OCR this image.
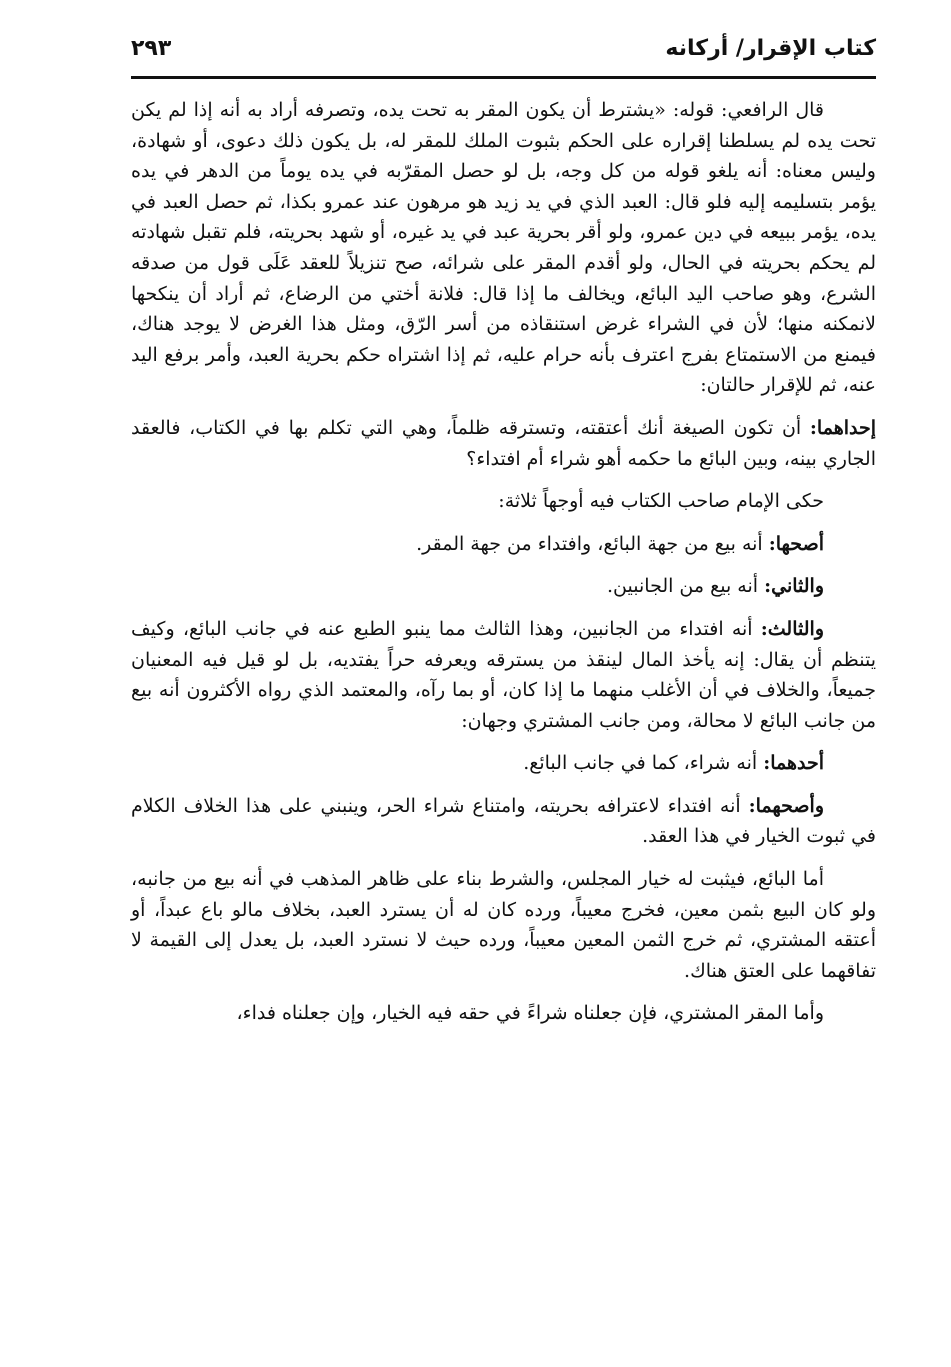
كتاب الإقرار/ أركانه
٢٩٣

قال الرافعي: قوله: «يشترط أن يكون المقر به تحت يده، وتصرفه أراد به أنه إذا لم يكن تحت يده لم يسلطنا إقراره على الحكم بثبوت الملك للمقر له، بل يكون ذلك دعوى، أو شهادة، وليس معناه: أنه يلغو قوله من كل وجه، بل لو حصل المقرّبه في يده يوماً من الدهر في يده يؤمر بتسليمه إليه فلو قال: العبد الذي في يد زيد هو مرهون عند عمرو بكذا، ثم حصل العبد في يده، يؤمر ببيعه في دين عمرو، ولو أقر بحرية عبد في يد غيره، أو شهد بحريته، فلم تقبل شهادته لم يحكم بحريته في الحال، ولو أقدم المقر على شرائه، صح تنزيلاً للعقد عَلَى قول من صدقه الشرع، وهو صاحب اليد البائع، ويخالف ما إذا قال: فلانة أختي من الرضاع، ثم أراد أن ينكحها لانمكنه منها؛ لأن في الشراء غرض استنقاذه من أسر الرّق، ومثل هذا الغرض لا يوجد هناك، فيمنع من الاستمتاع بفرج اعترف بأنه حرام عليه، ثم إذا اشتراه حكم بحرية العبد، وأمر برفع اليد عنه، ثم للإقرار حالتان:

إحداهما: أن تكون الصيغة أنك أعتقته، وتسترقه ظلماً، وهي التي تكلم بها في الكتاب، فالعقد الجاري بينه، وبين البائع ما حكمه أهو شراء أم افتداء؟

حكى الإمام صاحب الكتاب فيه أوجهاً ثلاثة:

أصحها: أنه بيع من جهة البائع، وافتداء من جهة المقر.

والثاني: أنه بيع من الجانبين.

والثالث: أنه افتداء من الجانبين، وهذا الثالث مما ينبو الطبع عنه في جانب البائع، وكيف يتنظم أن يقال: إنه يأخذ المال لينقذ من يسترقه ويعرفه حراً يفتديه، بل لو قيل فيه المعنيان جميعاً، والخلاف في أن الأغلب منهما ما إذا كان، أو بما رآه، والمعتمد الذي رواه الأكثرون أنه بيع من جانب البائع لا محالة، ومن جانب المشتري وجهان:

أحدهما: أنه شراء، كما في جانب البائع.

وأصحهما: أنه افتداء لاعترافه بحريته، وامتناع شراء الحر، وينبني على هذا الخلاف الكلام في ثبوت الخيار في هذا العقد.

أما البائع، فيثبت له خيار المجلس، والشرط بناء على ظاهر المذهب في أنه بيع من جانبه، ولو كان البيع بثمن معين، فخرج معيباً، ورده كان له أن يسترد العبد، بخلاف مالو باع عبداً، أو أعتقه المشتري، ثم خرج الثمن المعين معيباً، ورده حيث لا نسترد العبد، بل يعدل إلى القيمة لا تفاقهما على العتق هناك.

وأما المقر المشتري، فإن جعلناه شراءً في حقه فيه الخيار، وإن جعلناه فداء،
